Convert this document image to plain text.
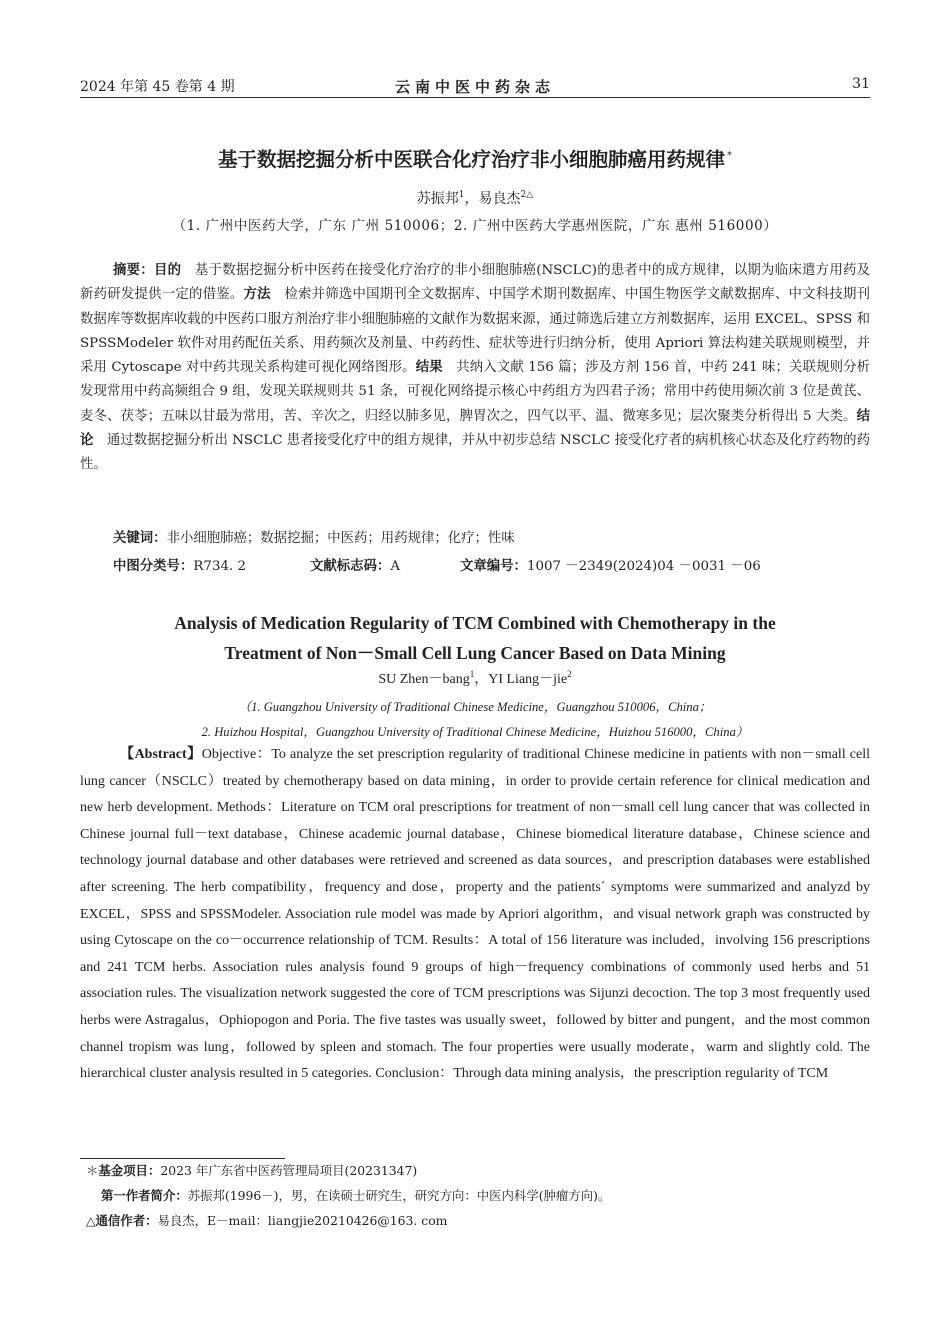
2024 年第 45 卷第 4 期	云南中医中药杂志	31
基于数据挖掘分析中医联合化疗治疗非小细胞肺癌用药规律 *
苏振邦$^1$，易良杰$^{2\triangle}$
（1. 广州中医药大学，广东 广州 510006；2. 广州中医药大学惠州医院，广东 惠州 516000）

摘要：目的　基于数据挖掘分析中医药在接受化疗治疗的非小细胞肺癌(NSCLC)的患者中的成方规律，以期为临床遣方用药及新药研发提供一定的借鉴。方法　检索并筛选中国期刊全文数据库、中国学术期刊数据库、中国生物医学文献数据库、中文科技期刊数据库等数据库收载的中医药口服方剂治疗非小细胞肺癌的文献作为数据来源，通过筛选后建立方剂数据库，运用 EXCEL、SPSS 和 SPSSModeler 软件对用药配伍关系、用药频次及剂量、中药药性、症状等进行归纳分析，使用 Apriori 算法构建关联规则模型，并采用 Cytoscape 对中药共现关系构建可视化网络图形。结果　共纳入文献 156 篇；涉及方剂 156 首，中药 241 味；关联规则分析发现常用中药高频组合 9 组，发现关联规则共 51 条，可视化网络提示核心中药组方为四君子汤；常用中药使用频次前 3 位是黄芪、麦冬、茯苓；五味以甘最为常用，苦、辛次之，归经以肺多见，脾胃次之，四气以平、温、微寒多见；层次聚类分析得出 5 大类。结论　通过数据挖掘分析出 NSCLC 患者接受化疗中的组方规律，并从中初步总结 NSCLC 接受化疗者的病机核心状态及化疗药物的药性。

关键词：非小细胞肺癌；数据挖掘；中医药；用药规律；化疗；性味
中图分类号：R734. 2	文献标志码：A	文章编号：1007 －2349(2024)04 －0031 －06
Analysis of Medication Regularity of TCM Combined with Chemotherapy in the
Treatment of Non－Small Cell Lung Cancer Based on Data Mining
SU Zhen－bang$^1$，YI Liang－jie$^2$
（1. Guangzhou University of Traditional Chinese Medicine，Guangzhou 510006，China；
2. Huizhou Hospital，Guangzhou University of Traditional Chinese Medicine，Huizhou 516000，China）

【Abstract】Objective：To analyze the set prescription regularity of traditional Chinese medicine in patients with non－small cell lung cancer（NSCLC）treated by chemotherapy based on data mining，in order to provide certain reference for clinical medication and new herb development. Methods：Literature on TCM oral prescriptions for treatment of non－small cell lung cancer that was collected in Chinese journal full－text database，Chinese academic journal database，Chinese biomedical literature database，Chinese science and technology journal database and other databases were retrieved and screened as data sources，and prescription databases were established after screening. The herb compatibility，frequency and dose，property and the patients´ symptoms were summarized and analyzd by EXCEL，SPSS and SPSSModeler. Association rule model was made by Apriori algorithm，and visual network graph was constructed by using Cytoscape on the co－occurrence relationship of TCM. Results：A total of 156 literature was included，involving 156 prescriptions and 241 TCM herbs. Association rules analysis found 9 groups of high－frequency combinations of commonly used herbs and 51 association rules. The visualization network suggested the core of TCM prescriptions was Sijunzi decoction. The top 3 most frequently used herbs were Astragalus，Ophiopogon and Poria. The five tastes was usually sweet，followed by bitter and pungent，and the most common channel tropism was lung，followed by spleen and stomach. The four properties were usually moderate，warm and slightly cold. The hierarchical cluster analysis resulted in 5 categories. Conclusion：Through data mining analysis，the prescription regularity of TCM

＊基金项目：2023 年广东省中医药管理局项目(20231347)
第一作者简介：苏振邦(1996－)，男，在读硕士研究生，研究方向：中医内科学(肿瘤方向)。
△通信作者：易良杰，E－mail：liangjie20210426@163. com
